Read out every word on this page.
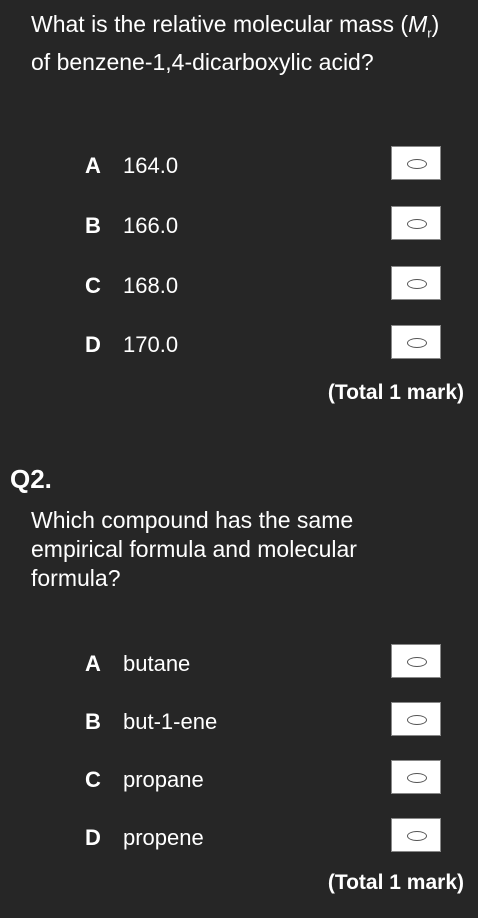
What is the relative molecular mass $(M_r)$ of benzene-1,4-dicarboxylic acid?
A 164.0
B 166.0
C 168.0
D 170.0
(Total 1 mark)
Q2.
Which compound has the same empirical formula and molecular formula?
A butane
B but-1-ene
C propane
D propene
(Total 1 mark)
